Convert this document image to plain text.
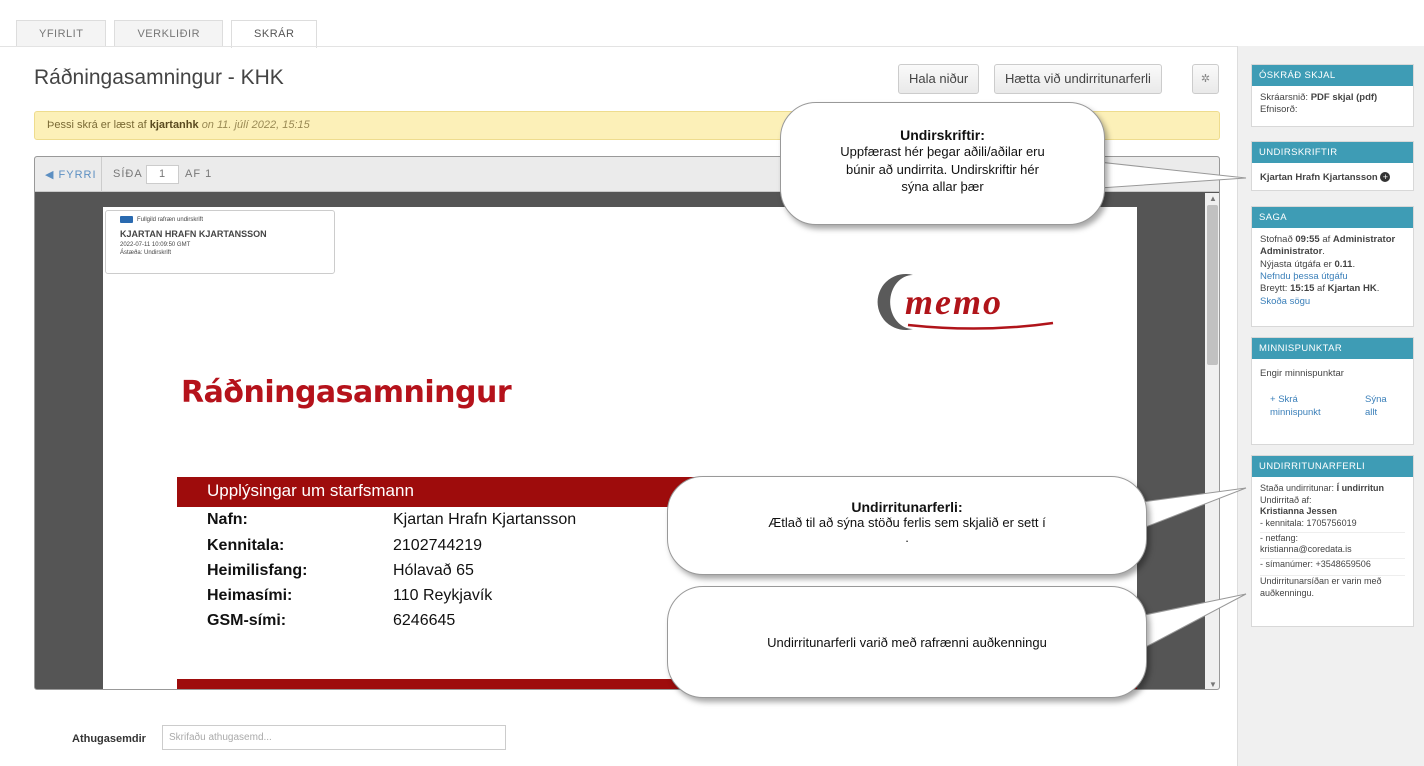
YFIRLIT	VERKLIÐIR	SKRÁR
Ráðningasamningur - KHK	Hala niður	Hætta við undirritunarferli	✲
Þessi skrá er læst af kjartanhk on 11. júlí 2022, 15:15
◀ FYRRI SÍÐA	1	AF 1
Fullgild rafræn undirskrift
KJARTAN HRAFN KJARTANSSON
2022-07-11 10:09:50 GMT
Ástæða: Undirskrift
memo
Ráðningasamningur
Upplýsingar um starfsmann
Nafn:	Kjartan Hrafn Kjartansson
Kennitala:	2102744219
Heimilisfang:	Hólavað 65
Heimasími:	110 Reykjavík
GSM-sími:	6246645
▲
▼
ÓSKRÁÐ SKJAL
Skráarsnið: PDF skjal (pdf)
Efnisorð:
UNDIRSKRIFTIR
Kjartan Hrafn Kjartansson +
SAGA
Stofnað 09:55 af Administrator Administrator.
Nýjasta útgáfa er 0.11.
Nefndu þessa útgáfu
Breytt: 15:15 af Kjartan HK.
Skoða sögu
MINNISPUNKTAR
Engir minnispunktar
+ Skrá minnispunkt
Sýna allt
UNDIRRITUNARFERLI
Staða undirritunar: Í undirritun
Undirritað af:
Kristianna Jessen
- kennitala: 1705756019
- netfang:
kristianna@coredata.is
- símanúmer: +3548659506
Undirritunarsíðan er varin með auðkenningu.
Undirskriftir:
Uppfærast hér þegar aðili/aðilar eru búnir að undirrita. Undirskriftir hér sýna allar þær
Undirritunarferli:
Ætlað til að sýna stöðu ferlis sem skjalið er sett í
.
Undirritunarferli varið með rafrænni auðkenningu
Athugasemdir	Skrifaðu athugasemd...
